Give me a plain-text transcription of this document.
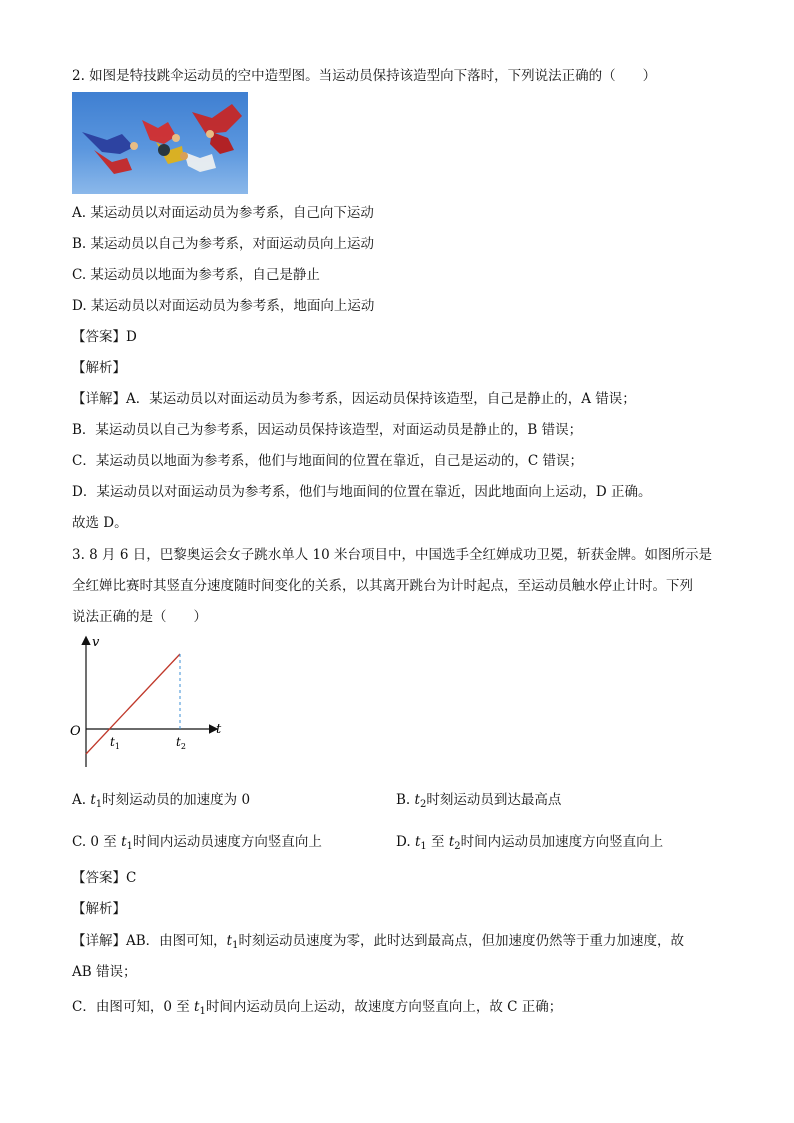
2. 如图是特技跳伞运动员的空中造型图。当运动员保持该造型向下落时，下列说法正确的（　　）
A. 某运动员以对面运动员为参考系，自己向下运动
B. 某运动员以自己为参考系，对面运动员向上运动
C. 某运动员以地面为参考系，自己是静止
D. 某运动员以对面运动员为参考系，地面向上运动
【答案】D
【解析】
【详解】A．某运动员以对面运动员为参考系，因运动员保持该造型，自己是静止的，A 错误；
B．某运动员以自己为参考系，因运动员保持该造型，对面运动员是静止的，B 错误；
C．某运动员以地面为参考系，他们与地面间的位置在靠近，自己是运动的，C 错误；
D．某运动员以对面运动员为参考系，他们与地面间的位置在靠近，因此地面向上运动，D 正确。
故选 D。
3. 8 月 6 日，巴黎奥运会女子跳水单人 10 米台项目中，中国选手全红婵成功卫冕，斩获金牌。如图所示是
全红婵比赛时其竖直分速度随时间变化的关系，以其离开跳台为计时起点，至运动员触水停止计时。下列
说法正确的是（　　）
v
t
O
$t_1$	$t_2$
A. $t_1$时刻运动员的加速度为 0	B. $t_2$时刻运动员到达最高点
C. 0 至 $t_1$时间内运动员速度方向竖直向上	D. $t_1$ 至 $t_2$时间内运动员加速度方向竖直向上
【答案】C
【解析】
【详解】AB．由图可知，$t_1$时刻运动员速度为零，此时达到最高点，但加速度仍然等于重力加速度，故
AB 错误；
C．由图可知，0 至 $t_1$时间内运动员向上运动，故速度方向竖直向上，故 C 正确；
